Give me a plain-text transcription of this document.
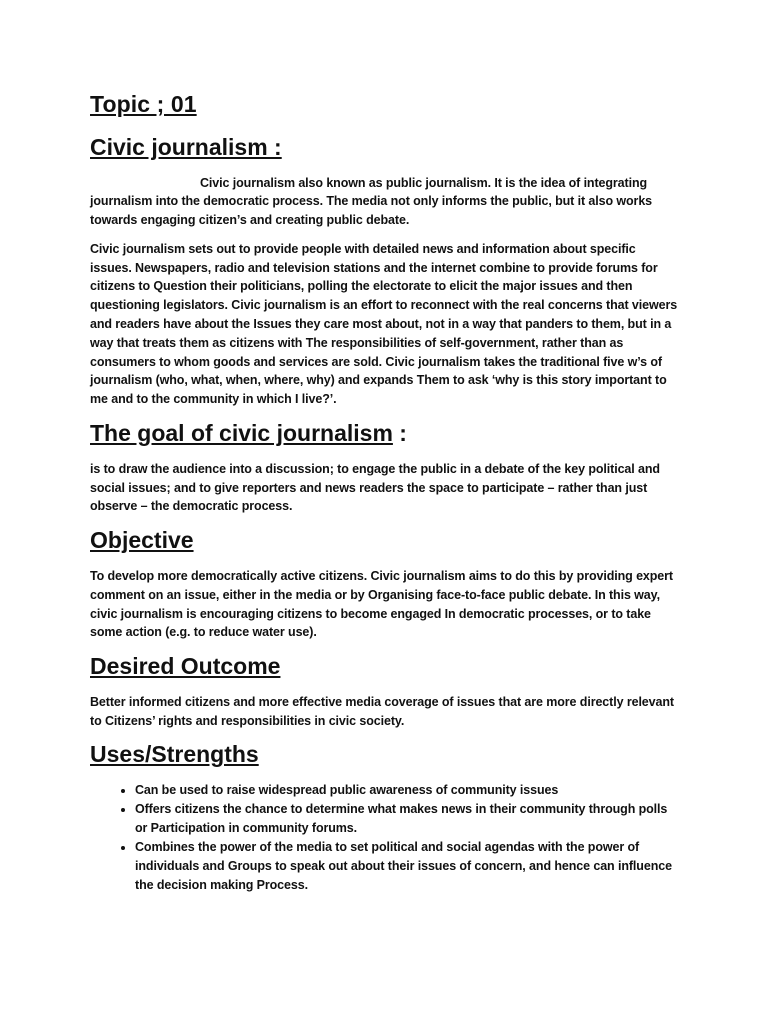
Topic ; 01
Civic journalism :

Civic journalism also known as public journalism. It is the idea of integrating journalism into the democratic process. The media not only informs the public, but it also works towards engaging citizen’s and creating public debate.

Civic journalism sets out to provide people with detailed news and information about specific issues. Newspapers, radio and television stations and the internet combine to provide forums for citizens to Question their politicians, polling the electorate to elicit the major issues and then questioning legislators. Civic journalism is an effort to reconnect with the real concerns that viewers and readers have about the Issues they care most about, not in a way that panders to them, but in a way that treats them as citizens with The responsibilities of self-government, rather than as consumers to whom goods and services are sold. Civic journalism takes the traditional five w’s of journalism (who, what, when, where, why) and expands Them to ask ‘why is this story important to me and to the community in which I live?’.

The goal of civic journalism :

is to draw the audience into a discussion; to engage the public in a debate of the key political and social issues; and to give reporters and news readers the space to participate – rather than just observe – the democratic process.

Objective

To develop more democratically active citizens. Civic journalism aims to do this by providing expert comment on an issue, either in the media or by Organising face-to-face public debate. In this way, civic journalism is encouraging citizens to become engaged In democratic processes, or to take some action (e.g. to reduce water use).

Desired Outcome

Better informed citizens and more effective media coverage of issues that are more directly relevant to Citizens’ rights and responsibilities in civic society.

Uses/Strengths
• Can be used to raise widespread public awareness of community issues
• Offers citizens the chance to determine what makes news in their community through polls or Participation in community forums.
• Combines the power of the media to set political and social agendas with the power of individuals and Groups to speak out about their issues of concern, and hence can influence the decision making Process.
